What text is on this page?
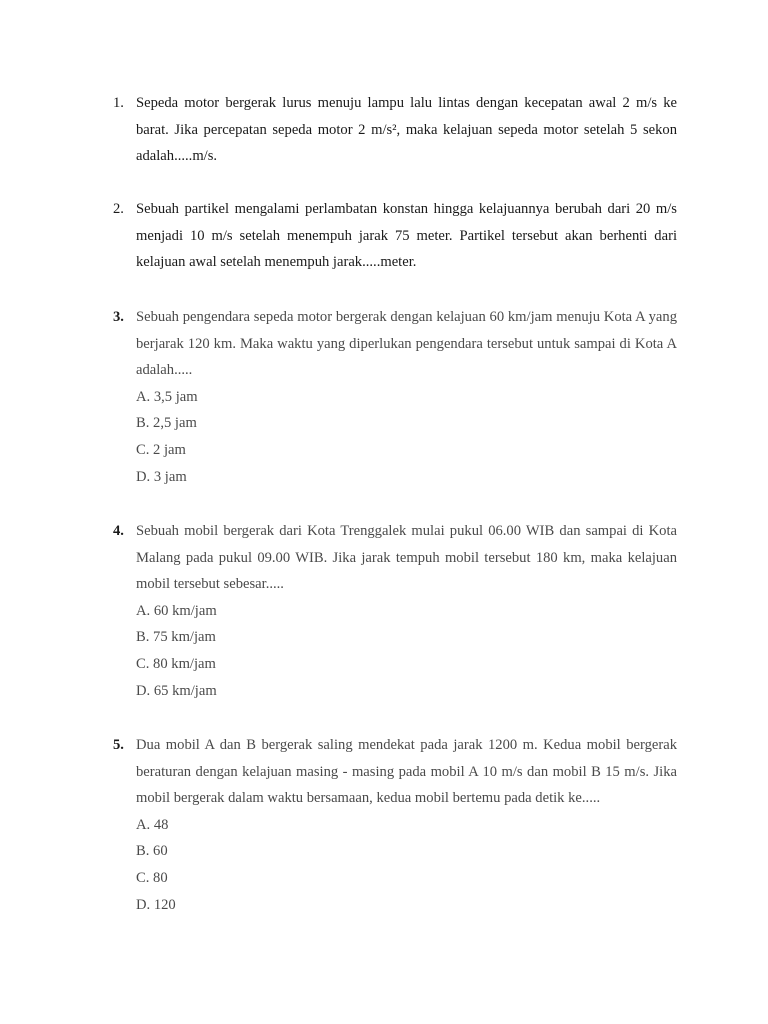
1. Sepeda motor bergerak lurus menuju lampu lalu lintas dengan kecepatan awal 2 m/s ke barat. Jika percepatan sepeda motor 2 m/s², maka kelajuan sepeda motor setelah 5 sekon adalah.....m/s.

2. Sebuah partikel mengalami perlambatan konstan hingga kelajuannya berubah dari 20 m/s menjadi 10 m/s setelah menempuh jarak 75 meter. Partikel tersebut akan berhenti dari kelajuan awal setelah menempuh jarak.....meter.

3. Sebuah pengendara sepeda motor bergerak dengan kelajuan 60 km/jam menuju Kota A yang berjarak 120 km. Maka waktu yang diperlukan pengendara tersebut untuk sampai di Kota A adalah.....

A. 3,5 jam
B. 2,5 jam
C. 2 jam
D. 3 jam
4. Sebuah mobil bergerak dari Kota Trenggalek mulai pukul 06.00 WIB dan sampai di Kota Malang pada pukul 09.00 WIB. Jika jarak tempuh mobil tersebut 180 km, maka kelajuan mobil tersebut sebesar.....

A. 60 km/jam
B. 75 km/jam
C. 80 km/jam
D. 65 km/jam
5. Dua mobil A dan B bergerak saling mendekat pada jarak 1200 m. Kedua mobil bergerak beraturan dengan kelajuan masing - masing pada mobil A 10 m/s dan mobil B 15 m/s. Jika mobil bergerak dalam waktu bersamaan, kedua mobil bertemu pada detik ke.....

A. 48
B. 60
C. 80
D. 120
